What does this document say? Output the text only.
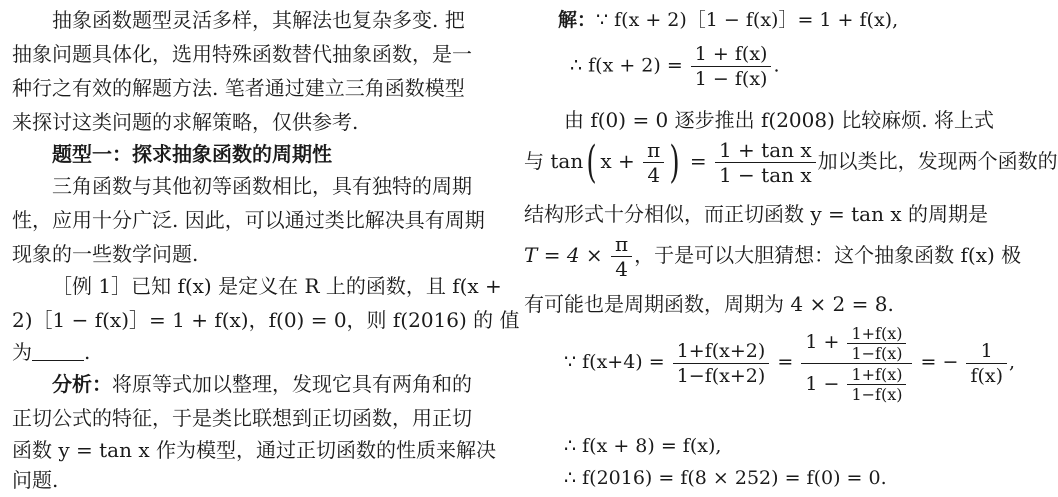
抽象函数题型灵活多样，其解法也复杂多变. 把
抽象问题具体化，选用特殊函数替代抽象函数，是一
种行之有效的解题方法. 笔者通过建立三角函数模型
来探讨这类问题的求解策略，仅供参考.
题型一：探求抽象函数的周期性
三角函数与其他初等函数相比，具有独特的周期
性，应用十分广泛. 因此，可以通过类比解决具有周期
现象的一些数学问题.
［例 1］已知 f(x) 是定义在 R 上的函数，且 f(x +
2)［1 − f(x)］= 1 + f(x)，f(0) = 0，则 f(2016) 的 值
为	.
分析：将原等式加以整理，发现它具有两角和的
正切公式的特征，于是类比联想到正切函数，用正切
函数 y = tan x 作为模型，通过正切函数的性质来解决
问题.
解：∵ f(x + 2)［1 − f(x)］= 1 + f(x),
∴ $f(x + 2) = \frac{1 + f(x)}{1 - f(x)}$ .
由 f(0) = 0 逐步推出 f(2008) 比较麻烦. 将上式
与 tan( $x + \frac{\pi}{4}$ ) = $\frac{\text{1 + tan x}}{\text{1 − tan x}}$ 加以类比，发现两个函数的
结构形式十分相似，而正切函数 y = tan x 的周期是
$T = 4 \times \frac{\pi}{4}$ ，于是可以大胆猜想：这个抽象函数 f(x) 极
有可能也是周期函数，周期为 4 × 2 = 8.
∵ $f(x+4) = \frac{1+f(x+2)}{1-f(x+2)} = \frac{1 + \frac{1+f(x)}{1-f(x)}}{1 - \frac{1+f(x)}{1-f(x)}}$ = − $\frac{1}{f(x)}$ ,
∴ f(x + 8) = f(x),
∴ f(2016) = f(8 × 252) = f(0) = 0.
